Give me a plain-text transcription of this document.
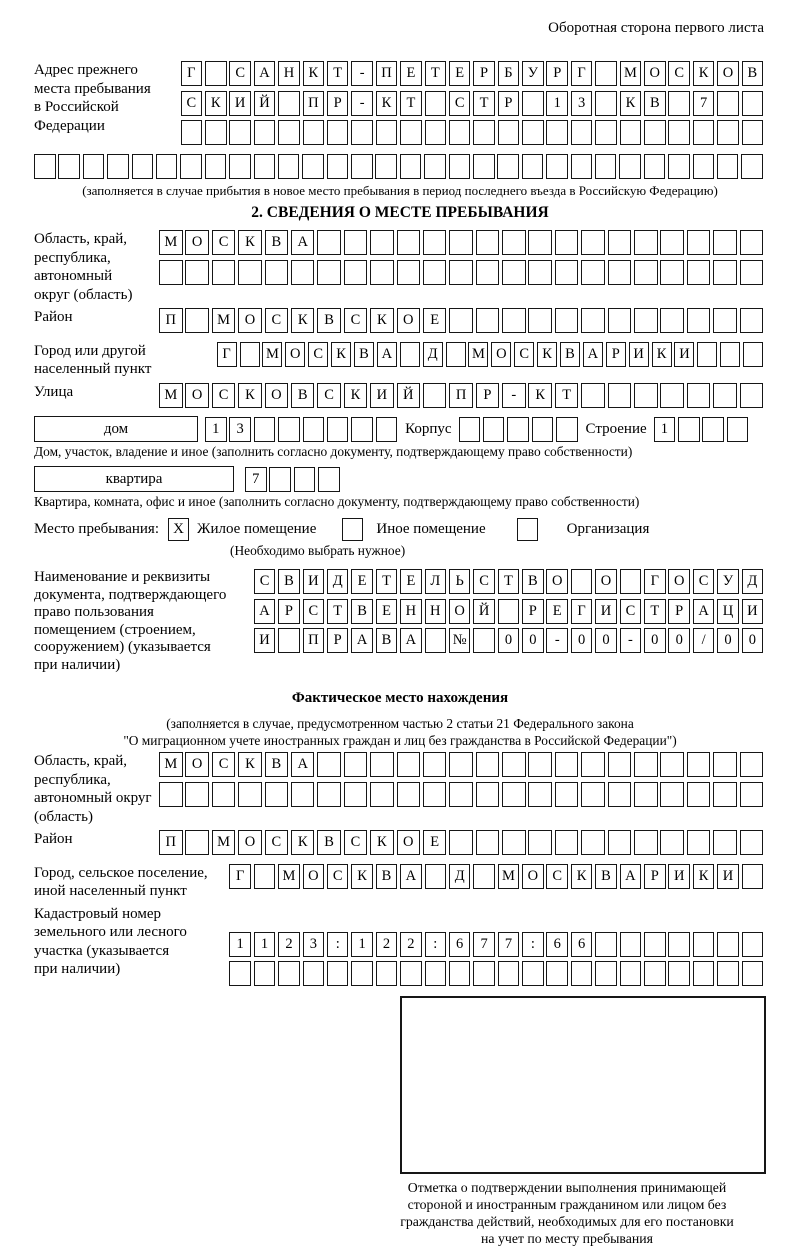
Оборотная сторона первого листа
Адрес прежнего
места пребывания
в Российской
Федерации
Г	С А Н К	Т	-	П	Е	Т	Е	Р	Б	У	Р	Г	М О С	К О В
С	К И Й	П	Р	-	К	Т	С	Т	Р	1	3	К	В	7
(заполняется в случае прибытия в новое место пребывания в период последнего въезда в Российскую Федерацию)
2. СВЕДЕНИЯ О МЕСТЕ ПРЕБЫВАНИЯ
Область, край,
республика,
автономный
округ (область)
М	О	С	К	В	А
Район	П	М	О	С	К	В	С	К	О	Е
Город или другой
населенный пункт
Г	М О С К В А	Д	М О С К В А Р И К И
Улица	М	О	С	К	О	В	С	К	И	Й	П	Р	-	К	Т
дом	1	3	Корпус	Строение 1
Дом, участок, владение и иное (заполнить согласно документу, подтверждающему право собственности)
квартира	7
Квартира, комната, офис и иное (заполнить согласно документу, подтверждающему право собственности)
Место пребывания: X Жилое помещение	Иное помещение	Организация
(Необходимо выбрать нужное)
Наименование и реквизиты
документа, подтверждающего
право пользования
помещением (строением,
сооружением) (указывается
при наличии)
С	В И Д	Е	Т	Е	Л	Ь	С	Т	В О	О	Г	О С У Д
А	Р	С	Т	В	Е	Н Н О Й	Р	Е	Г	И С	Т	Р	А Ц И
И	П	Р	А В А	№	0	0	-	0	0	-	0	0	/	0	0
Фактическое место нахождения
(заполняется в случае, предусмотренном частью 2 статьи 21 Федерального закона
"О миграционном учете иностранных граждан и лиц без гражданства в Российской Федерации")
Область, край,
республика,
автономный округ
(область)
М	О	С	К	В	А
Район	П	М	О	С	К	В	С	К	О	Е
Город, сельское поселение,
иной населенный пункт
Г	М О С	К	В А	Д	М О С	К	В А	Р	И К И
Кадастровый номер
земельного или лесного
участка (указывается
при наличии)
1	1	2	3	:	1	2	2	:	6	7	7	:	6	6
Отметка о подтверждении выполнения принимающей
стороной и иностранным гражданином или лицом без
гражданства действий, необходимых для его постановки
на учет по месту пребывания
